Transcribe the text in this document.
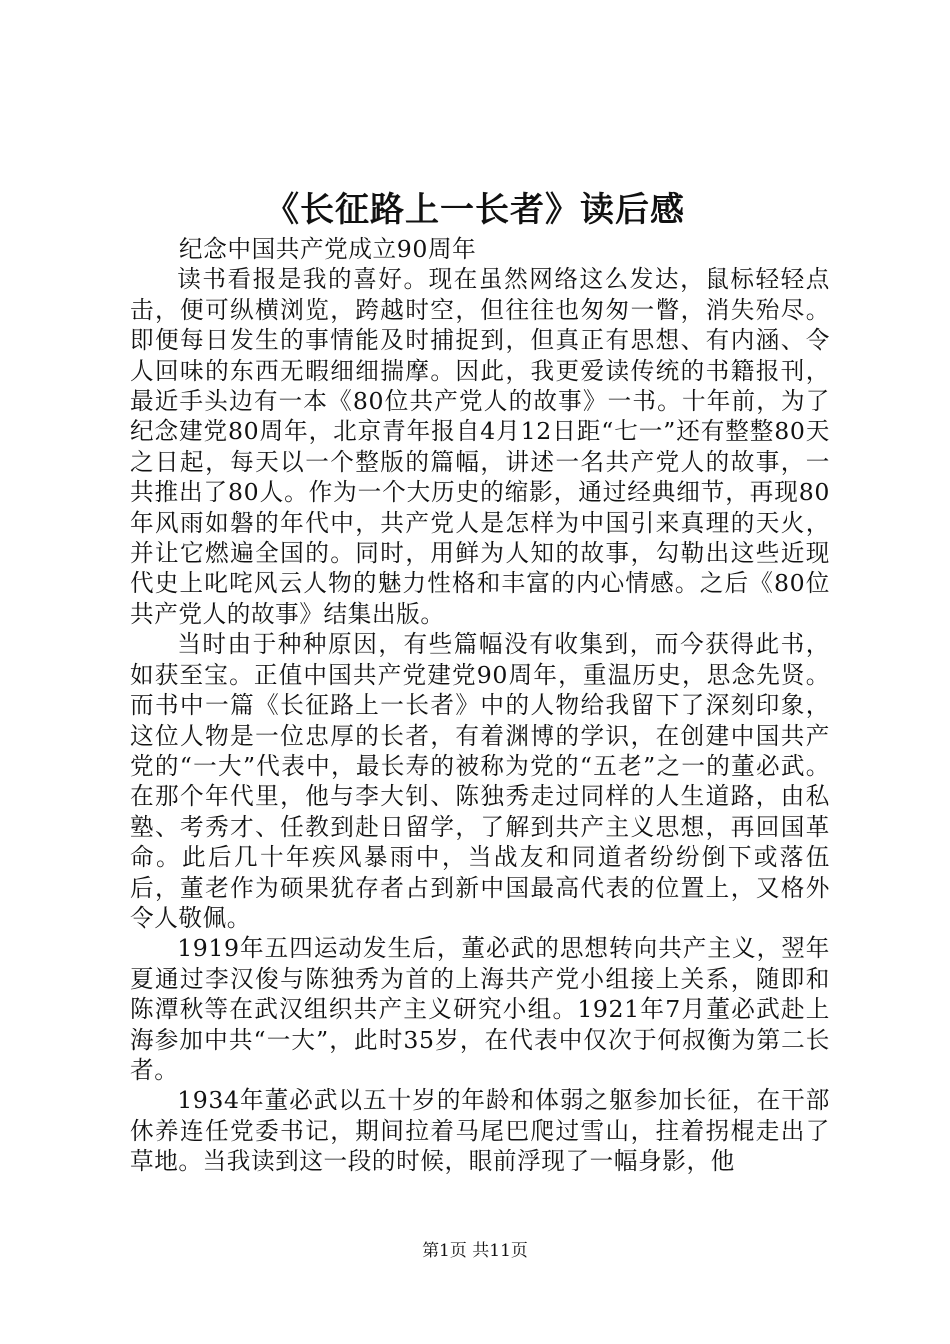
《长征路上一长者》读后感
纪念中国共产党成立90周年

读书看报是我的喜好。现在虽然网络这么发达，鼠标轻轻点击，便可纵横浏览，跨越时空，但往往也匆匆一瞥，消失殆尽。即便每日发生的事情能及时捕捉到，但真正有思想、有内涵、令人回味的东西无暇细细揣摩。因此，我更爱读传统的书籍报刊，最近手头边有一本《80位共产党人的故事》一书。十年前，为了纪念建党80周年，北京青年报自4月12日距“七一”还有整整80天之日起，每天以一个整版的篇幅，讲述一名共产党人的故事，一共推出了80人。作为一个大历史的缩影，通过经典细节，再现80年风雨如磐的年代中，共产党人是怎样为中国引来真理的天火，并让它燃遍全国的。同时，用鲜为人知的故事，勾勒出这些近现代史上叱咤风云人物的魅力性格和丰富的内心情感。之后《80位共产党人的故事》结集出版。

当时由于种种原因，有些篇幅没有收集到，而今获得此书，如获至宝。正值中国共产党建党90周年，重温历史，思念先贤。而书中一篇《长征路上一长者》中的人物给我留下了深刻印象，这位人物是一位忠厚的长者，有着渊博的学识，在创建中国共产党的“一大”代表中，最长寿的被称为党的“五老”之一的董必武。在那个年代里，他与李大钊、陈独秀走过同样的人生道路，由私塾、考秀才、任教到赴日留学，了解到共产主义思想，再回国革命。此后几十年疾风暴雨中，当战友和同道者纷纷倒下或落伍后，董老作为硕果犹存者占到新中国最高代表的位置上，又格外令人敬佩。

1919年五四运动发生后，董必武的思想转向共产主义，翌年夏通过李汉俊与陈独秀为首的上海共产党小组接上关系，随即和陈潭秋等在武汉组织共产主义研究小组。1921年7月董必武赴上海参加中共“一大”，此时35岁，在代表中仅次于何叔衡为第二长者。

1934年董必武以五十岁的年龄和体弱之躯参加长征，在干部休养连任党委书记，期间拉着马尾巴爬过雪山，拄着拐棍走出了草地。当我读到这一段的时候，眼前浮现了一幅身影，他

第1页 共11页
